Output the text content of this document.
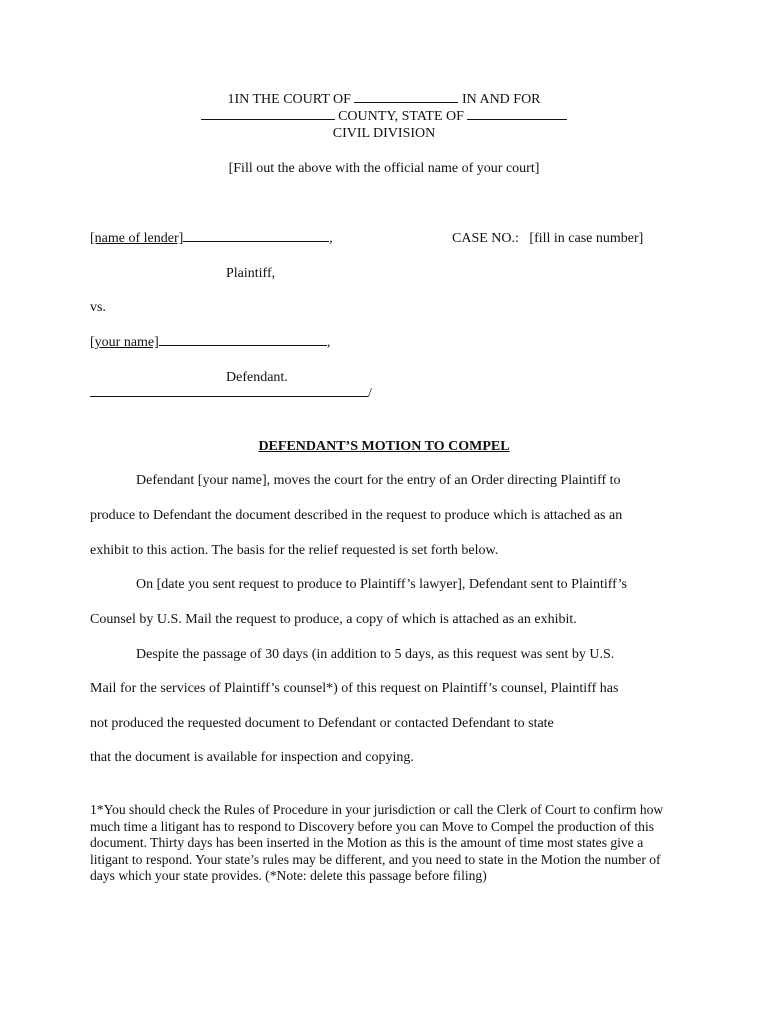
1IN THE COURT OF	IN AND FOR
COUNTY, STATE OF
CIVIL DIVISION
[Fill out the above with the official name of your court]
[name of lender]	,	CASE NO.: [fill in case number]
Plaintiff,
vs.
[your name]	,
Defendant.
/
DEFENDANT’S MOTION TO COMPEL
Defendant [your name], moves the court for the entry of an Order directing Plaintiff to
produce to Defendant the document described in the request to produce which is attached as an
exhibit to this action. The basis for the relief requested is set forth below.
On [date you sent request to produce to Plaintiff’s lawyer], Defendant sent to Plaintiff’s
Counsel by U.S. Mail the request to produce, a copy of which is attached as an exhibit.
Despite the passage of 30 days (in addition to 5 days, as this request was sent by U.S.
Mail for the services of Plaintiff’s counsel*) of this request on Plaintiff’s counsel, Plaintiff has
not produced the requested document to Defendant or contacted Defendant to state
that the document is available for inspection and copying.
1*You should check the Rules of Procedure in your jurisdiction or call the Clerk of Court to confirm how much time a litigant has to respond to Discovery before you can Move to Compel the production of this document. Thirty days has been inserted in the Motion as this is the amount of time most states give a litigant to respond. Your state’s rules may be different, and you need to state in the Motion the number of days which your state provides. (*Note: delete this passage before filing)
